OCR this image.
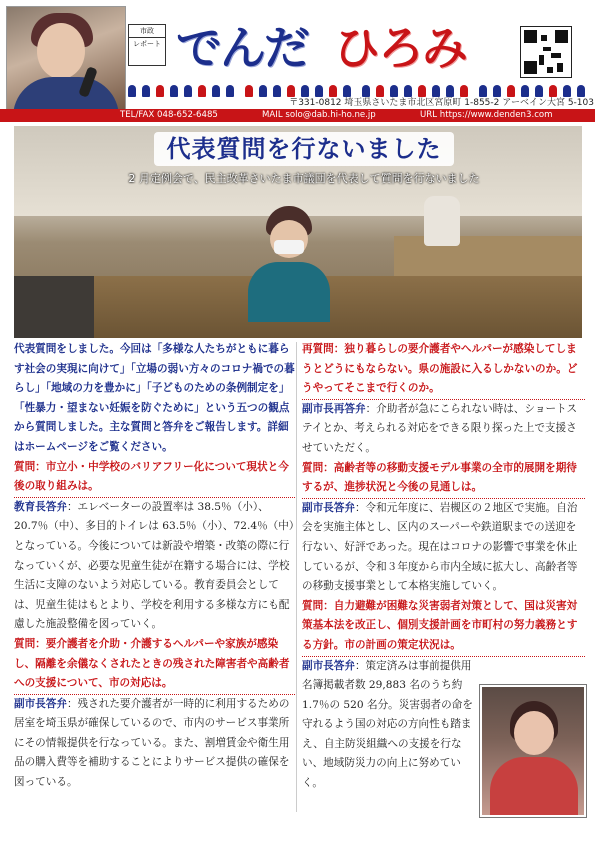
市政
レポート でんだ ひろみ

〒331-0812 埼玉県さいたま市北区宮原町 1-855-2 アーベイン大宮 5-103
TEL/FAX 048-652-6485	MAIL solo@dab.hi-ho.ne.jp	URL https://www.denden3.com
代表質問を行ないました
2 月定例会で、民主改革さいたま市議団を代表して質問を行ないました

代表質問をしました。今回は「多様な人たちがともに暮らす社会の実現に向けて」「立場の弱い方々のコロナ禍での暮らし」「地域の力を豊かに」「子どものための条例制定を」「性暴力・望まない妊娠を防ぐために」という五つの観点から質問しました。主な質問と答弁をご報告します。詳細はホームページをご覧ください。

質問：市立小・中学校のバリアフリー化について現状と今後の取り組みは。

教育長答弁：エレベーターの設置率は 38.5％（小）、20.7％（中）、多目的トイレは 63.5％（小）、72.4％（中）となっている。今後については新設や増築・改築の際に行なっていくが、必要な児童生徒が在籍する場合には、学校生活に支障のないよう対応している。教育委員会としては、児童生徒はもとより、学校を利用する多様な方にも配慮した施設整備を図っていく。

質問：要介護者を介助・介護するヘルパーや家族が感染し、隔離を余儀なくされたときの残された障害者や高齢者への支援について、市の対応は。

副市長答弁：残された要介護者が一時的に利用するための居室を埼玉県が確保しているので、市内のサービス事業所にその情報提供を行なっている。また、割増賃金や衛生用品の購入費等を補助することによりサービス提供の確保を図っている。

再質問：独り暮らしの要介護者やヘルパーが感染してしまうとどうにもならない。県の施設に入るしかないのか。どうやってそこまで行くのか。

副市長再答弁：介助者が急にこられない時は、ショートステイとか、考えられる対応をできる限り探った上で支援させていただく。

質問：高齢者等の移動支援モデル事業の全市的展開を期待するが、進捗状況と今後の見通しは。

副市長答弁：令和元年度に、岩槻区の２地区で実施。自治会を実施主体とし、区内のスーパーや鉄道駅までの送迎を行ない、好評であった。現在はコロナの影響で事業を休止しているが、令和３年度から市内全域に拡大し、高齢者等の移動支援事業として本格実施していく。

質問：自力避難が困難な災害弱者対策として、国は災害対策基本法を改正し、個別支援計画を市町村の努力義務とする方針。市の計画の策定状況は。

副市長答弁：策定済みは事前提供用名簿掲載者数 29,883 名のうち約 1.7％の 520 名分。災害弱者の命を守れるよう国の対応の方向性も踏まえ、自主防災組織への支援を行ない、地域防災力の向上に努めていく。
